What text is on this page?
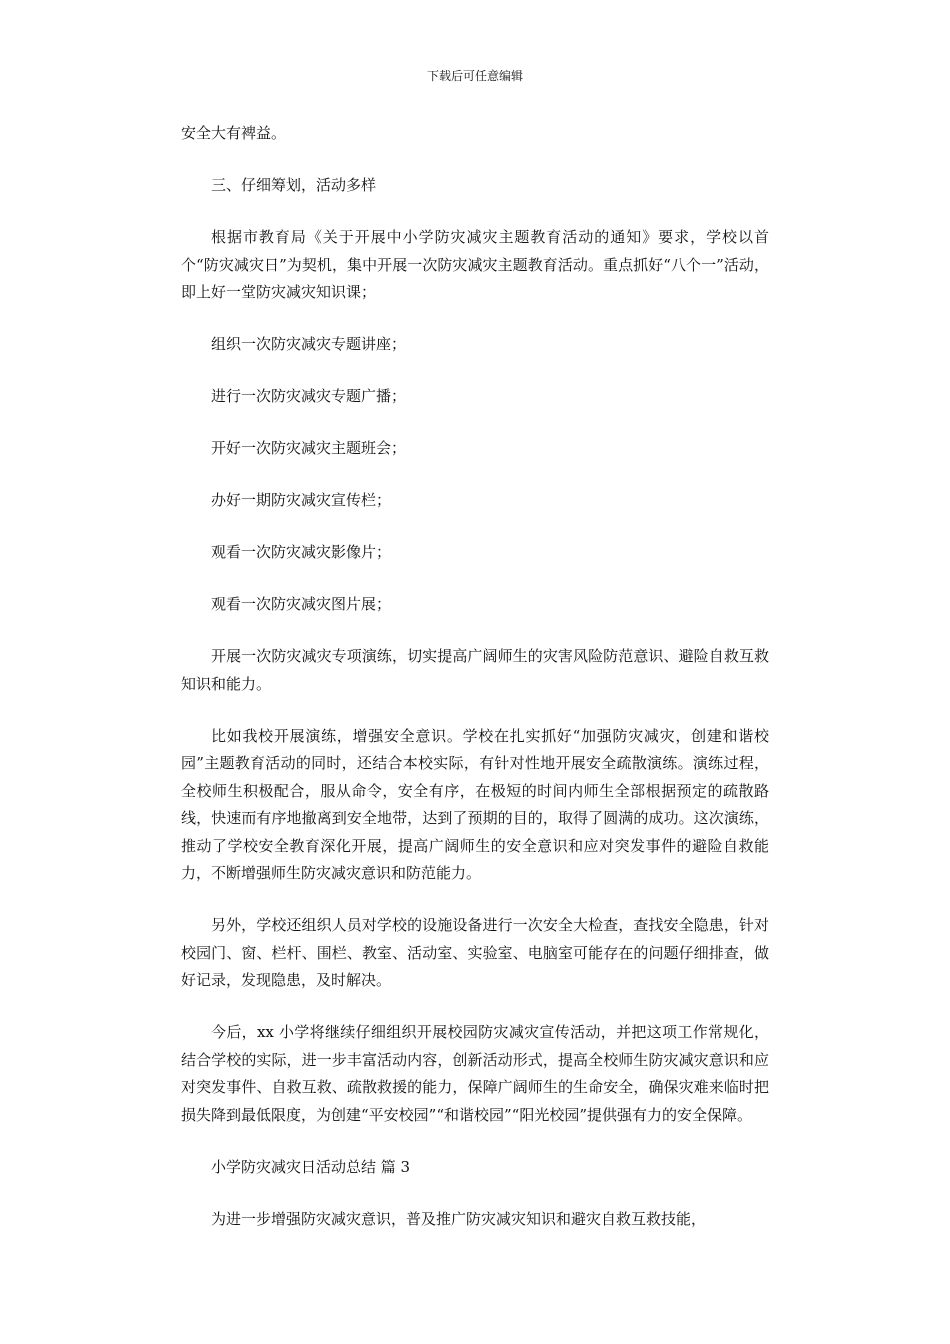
下载后可任意编辑

安全大有裨益。

三、仔细筹划，活动多样

根据市教育局《关于开展中小学防灾减灾主题教育活动的通知》要求，学校以首个“防灾减灾日”为契机，集中开展一次防灾减灾主题教育活动。重点抓好“八个一”活动，即上好一堂防灾减灾知识课；

组织一次防灾减灾专题讲座；

进行一次防灾减灾专题广播；

开好一次防灾减灾主题班会；

办好一期防灾减灾宣传栏；

观看一次防灾减灾影像片；

观看一次防灾减灾图片展；

开展一次防灾减灾专项演练，切实提高广阔师生的灾害风险防范意识、避险自救互救知识和能力。

比如我校开展演练，增强安全意识。学校在扎实抓好“加强防灾减灾，创建和谐校园”主题教育活动的同时，还结合本校实际，有针对性地开展安全疏散演练。演练过程，全校师生积极配合，服从命令，安全有序，在极短的时间内师生全部根据预定的疏散路线，快速而有序地撤离到安全地带，达到了预期的目的，取得了圆满的成功。这次演练，推动了学校安全教育深化开展，提高广阔师生的安全意识和应对突发事件的避险自救能力，不断增强师生防灾减灾意识和防范能力。

另外，学校还组织人员对学校的设施设备进行一次安全大检查，查找安全隐患，针对校园门、窗、栏杆、围栏、教室、活动室、实验室、电脑室可能存在的问题仔细排查，做好记录，发现隐患，及时解决。

今后，xx 小学将继续仔细组织开展校园防灾减灾宣传活动，并把这项工作常规化，结合学校的实际，进一步丰富活动内容，创新活动形式，提高全校师生防灾减灾意识和应对突发事件、自救互救、疏散救援的能力，保障广阔师生的生命安全，确保灾难来临时把损失降到最低限度，为创建“平安校园”“和谐校园”“阳光校园”提供强有力的安全保障。

小学防灾减灾日活动总结 篇 3

为进一步增强防灾减灾意识，普及推广防灾减灾知识和避灾自救互救技能，
